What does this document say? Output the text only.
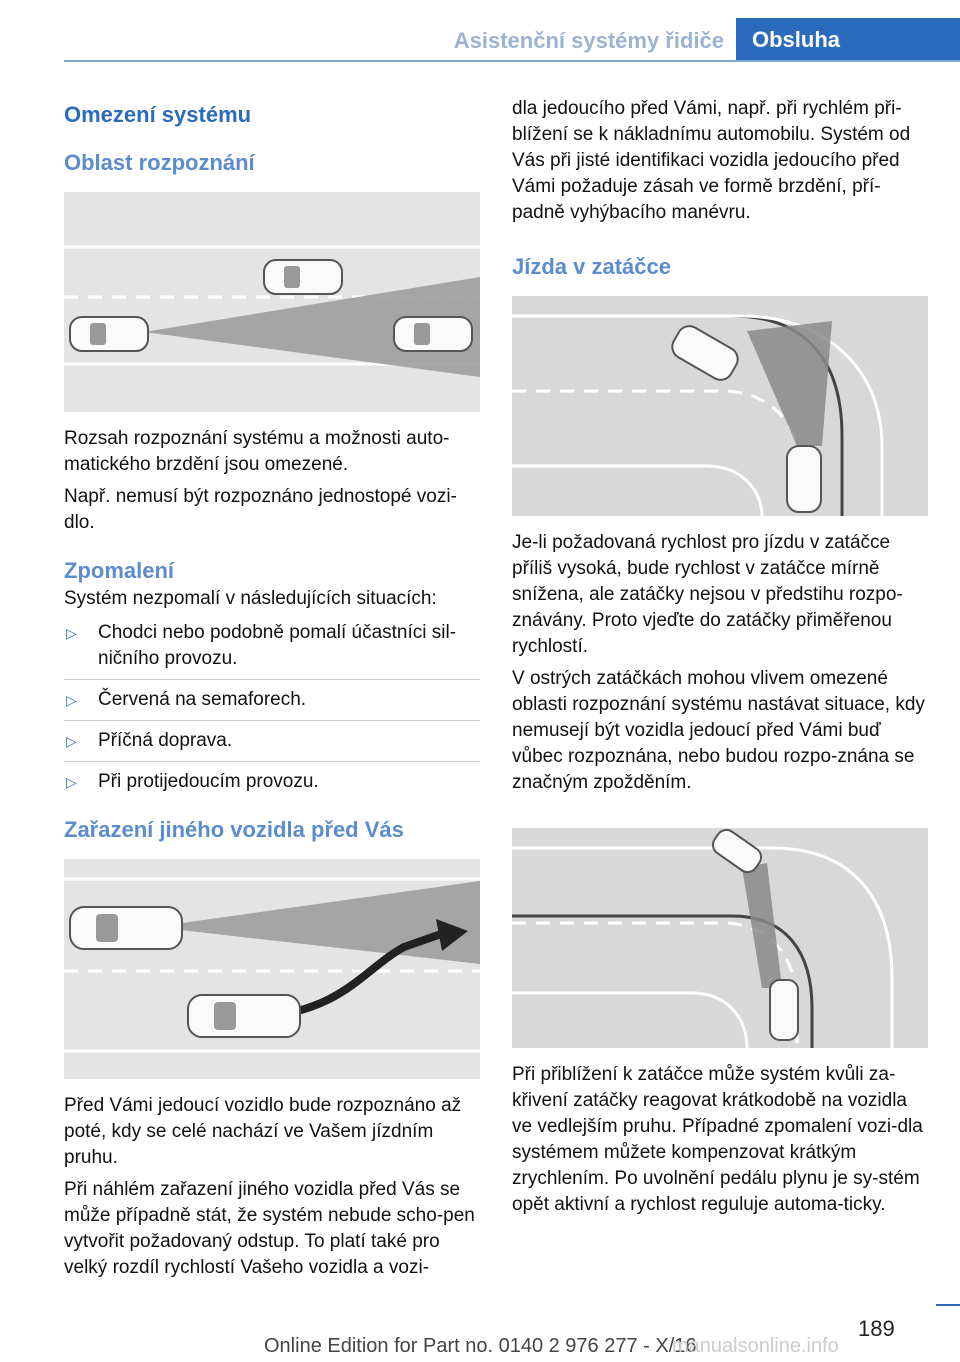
Asistenční systémy řidiče	Obsluha
Omezení systému
Oblast rozpoznání

Rozsah rozpoznání systému a možnosti auto-matického brzdění jsou omezené.

Např. nemusí být rozpoznáno jednostopé vozi-dlo.

Zpomalení

Systém nezpomalí v následujících situacích:

▷ Chodci nebo podobně pomalí účastníci sil-ničního provozu.
▷ Červená na semaforech.
▷ Příčná doprava.
▷ Při protijedoucím provozu.
Zařazení jiného vozidla před Vás

Před Vámi jedoucí vozidlo bude rozpoznáno až poté, kdy se celé nachází ve Vašem jízdním pruhu.

Při náhlém zařazení jiného vozidla před Vás se může případně stát, že systém nebude scho-pen vytvořit požadovaný odstup. To platí také pro velký rozdíl rychlostí Vašeho vozidla a vozi-

dla jedoucího před Vámi, např. při rychlém při-blížení se k nákladnímu automobilu. Systém od Vás při jisté identifikaci vozidla jedoucího před Vámi požaduje zásah ve formě brzdění, pří-padně vyhýbacího manévru.

Jízda v zatáčce

Je-li požadovaná rychlost pro jízdu v zatáčce příliš vysoká, bude rychlost v zatáčce mírně snížena, ale zatáčky nejsou v předstihu rozpo-znávány. Proto vjeďte do zatáčky přiměřenou rychlostí.

V ostrých zatáčkách mohou vlivem omezené oblasti rozpoznání systému nastávat situace, kdy nemusejí být vozidla jedoucí před Vámi buď vůbec rozpoznána, nebo budou rozpo-znána se značným zpožděním.

Při přiblížení k zatáčce může systém kvůli za-křivení zatáčky reagovat krátkodobě na vozidla ve vedlejším pruhu. Případné zpomalení vozi-dla systémem můžete kompenzovat krátkým zrychlením. Po uvolnění pedálu plynu je sy-stém opět aktivní a rychlost reguluje automa-ticky.

189
Online Edition for Part no. 0140 2 976 277 - X/16
manualsonline.info
